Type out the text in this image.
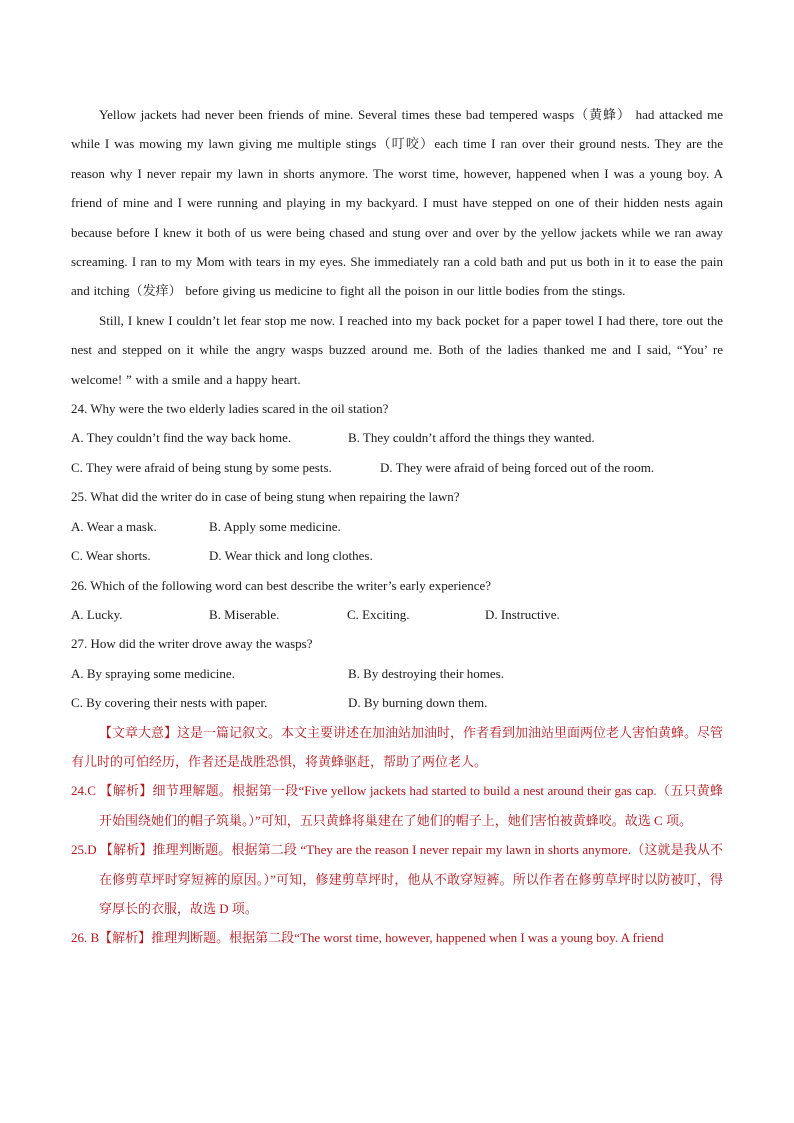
Yellow jackets had never been friends of mine. Several times these bad tempered wasps（黄蜂） had attacked me while I was mowing my lawn giving me multiple stings（叮咬）each time I ran over their ground nests. They are the reason why I never repair my lawn in shorts anymore. The worst time, however, happened when I was a young boy. A friend of mine and I were running and playing in my backyard. I must have stepped on one of their hidden nests again because before I knew it both of us were being chased and stung over and over by the yellow jackets while we ran away screaming. I ran to my Mom with tears in my eyes. She immediately ran a cold bath and put us both in it to ease the pain and itching（发痒） before giving us medicine to fight all the poison in our little bodies from the stings.

Still, I knew I couldn’t let fear stop me now. I reached into my back pocket for a paper towel I had there, tore out the nest and stepped on it while the angry wasps buzzed around me. Both of the ladies thanked me and I said, “You’ re welcome! ” with a smile and a happy heart.

24. Why were the two elderly ladies scared in the oil station?

A. They couldn’t find the way back home.	B. They couldn’t afford the things they wanted.
C. They were afraid of being stung by some pests.	D. They were afraid of being forced out of the room.

25. What did the writer do in case of being stung when repairing the lawn?

A. Wear a mask.	B. Apply some medicine.
C. Wear shorts.	D. Wear thick and long clothes.

26. Which of the following word can best describe the writer’s early experience?

A. Lucky.	B. Miserable.	C. Exciting.	D. Instructive.

27. How did the writer drove away the wasps?

A. By spraying some medicine.	B. By destroying their homes.
C. By covering their nests with paper.	D. By burning down them.

【文章大意】这是一篇记叙文。本文主要讲述在加油站加油时，作者看到加油站里面两位老人害怕黄蜂。尽管有儿时的可怕经历，作者还是战胜恐惧，将黄蜂驱赶，帮助了两位老人。

24.C 【解析】细节理解题。根据第一段“Five yellow jackets had started to build a nest around their gas cap.（五只黄蜂开始围绕她们的帽子筑巢。）”可知，五只黄蜂将巢建在了她们的帽子上，她们害怕被黄蜂咬。故选 C 项。

25.D 【解析】推理判断题。根据第二段 “They are the reason I never repair my lawn in shorts anymore.（这就是我从不在修剪草坪时穿短裤的原因。）”可知，修建剪草坪时，他从不敢穿短裤。所以作者在修剪草坪时以防被叮，得穿厚长的衣服，故选 D 项。

26. B【解析】推理判断题。根据第二段“The worst time, however, happened when I was a young boy. A friend
